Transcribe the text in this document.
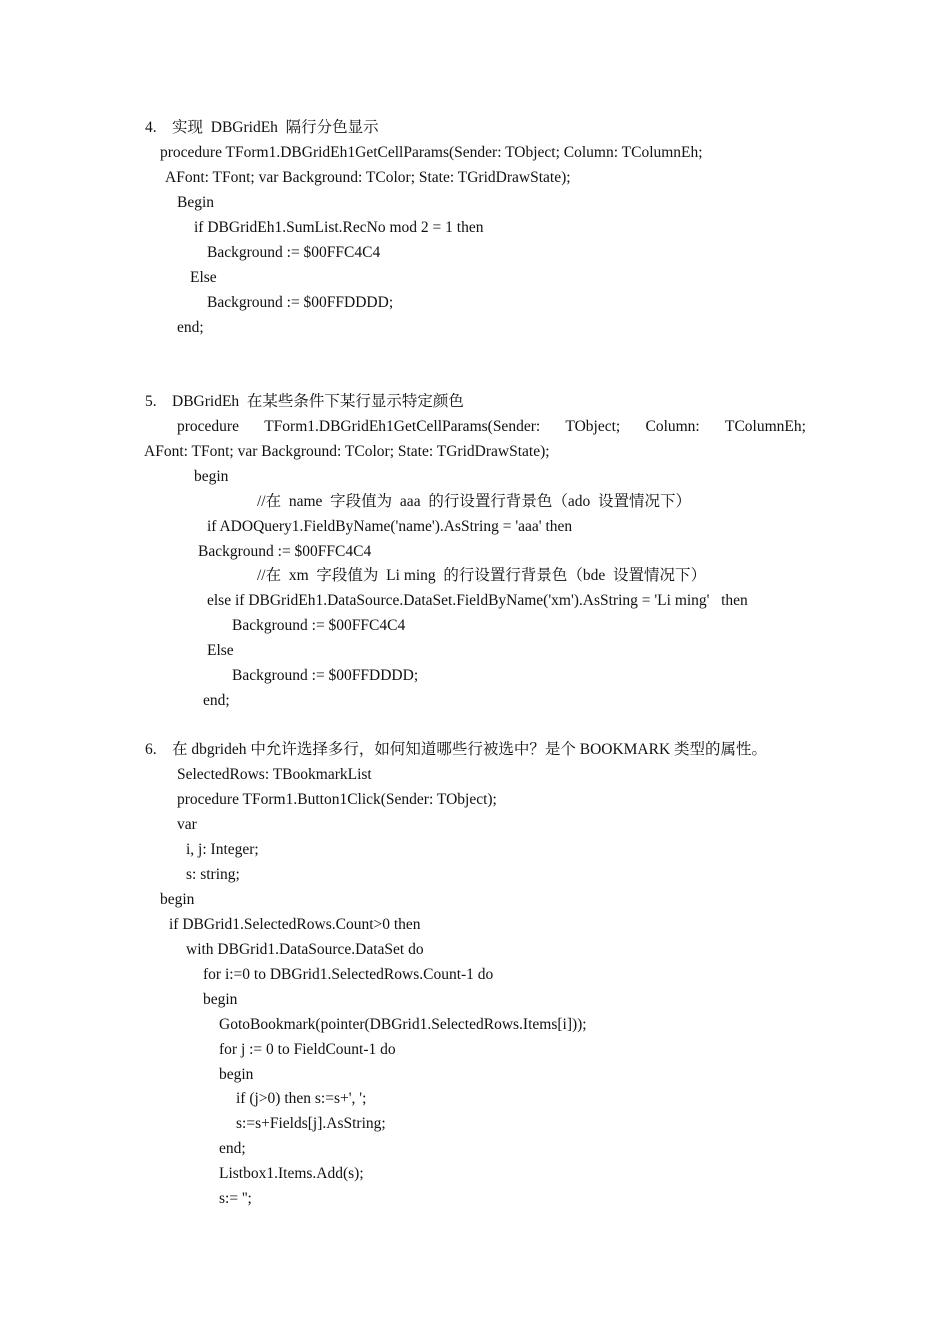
4. 实现  DBGridEh  隔行分色显示
procedure TForm1.DBGridEh1GetCellParams(Sender: TObject; Column: TColumnEh;
AFont: TFont; var Background: TColor; State: TGridDrawState);
Begin
if DBGridEh1.SumList.RecNo mod 2 = 1 then
Background := $00FFC4C4
Else
Background := $00FFDDDD;
end;
5. DBGridEh  在某些条件下某行显示特定颜色
procedure TForm1.DBGridEh1GetCellParams(Sender: TObject; Column: TColumnEh;
AFont: TFont; var Background: TColor; State: TGridDrawState);
begin
//在  name  字段值为  aaa  的行设置行背景色（ado  设置情况下）
if ADOQuery1.FieldByName('name').AsString = 'aaa' then
Background := $00FFC4C4
//在  xm  字段值为  Li ming  的行设置行背景色（bde  设置情况下）
else if DBGridEh1.DataSource.DataSet.FieldByName('xm').AsString = 'Li ming'   then
Background := $00FFC4C4
Else
Background := $00FFDDDD;
end;
6. 在 dbgrideh 中允许选择多行，如何知道哪些行被选中？是个 BOOKMARK 类型的属性。
SelectedRows: TBookmarkList
procedure TForm1.Button1Click(Sender: TObject);
var
i, j: Integer;
s: string;
begin
if DBGrid1.SelectedRows.Count>0 then
with DBGrid1.DataSource.DataSet do
for i:=0 to DBGrid1.SelectedRows.Count-1 do
begin
GotoBookmark(pointer(DBGrid1.SelectedRows.Items[i]));
for j := 0 to FieldCount-1 do
begin
if (j>0) then s:=s+', ';
s:=s+Fields[j].AsString;
end;
Listbox1.Items.Add(s);
s:= '';
